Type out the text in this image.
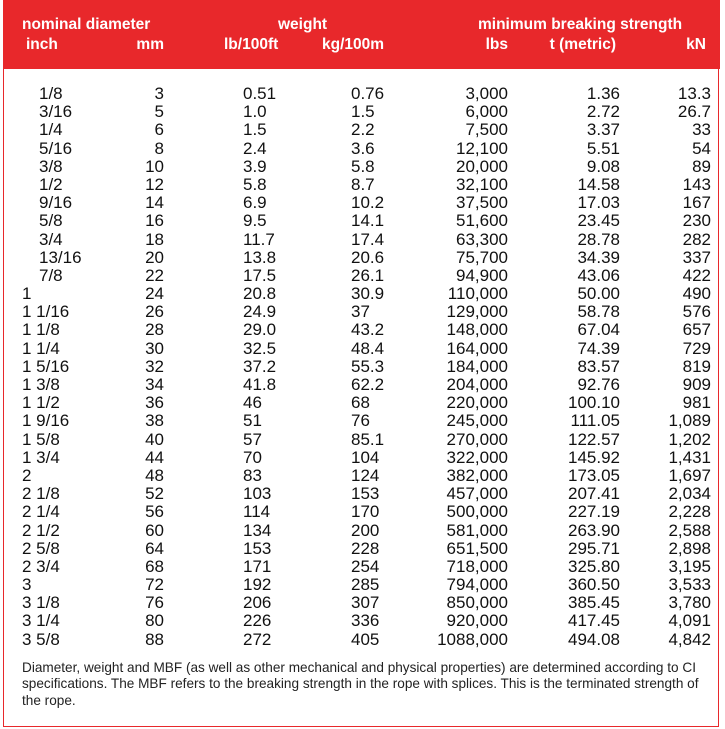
nominal diameter	weight	minimum breaking strength
inch	mm	lb/100ft	kg/100m	lbs	t (metric)	kN
1/8	3	0.51	0.76	3,000	1.36	13.3
3/16	5	1.0	1.5	6,000	2.72	26.7
1/4	6	1.5	2.2	7,500	3.37	33
5/16	8	2.4	3.6	12,100	5.51	54
3/8	10	3.9	5.8	20,000	9.08	89
1/2	12	5.8	8.7	32,100	14.58	143
9/16	14	6.9	10.2	37,500	17.03	167
5/8	16	9.5	14.1	51,600	23.45	230
3/4	18	11.7	17.4	63,300	28.78	282
13/16	20	13.8	20.6	75,700	34.39	337
7/8	22	17.5	26.1	94,900	43.06	422
1	24	20.8	30.9	110,000	50.00	490
1 1/16	26	24.9	37	129,000	58.78	576
1 1/8	28	29.0	43.2	148,000	67.04	657
1 1/4	30	32.5	48.4	164,000	74.39	729
1 5/16	32	37.2	55.3	184,000	83.57	819
1 3/8	34	41.8	62.2	204,000	92.76	909
1 1/2	36	46	68	220,000	100.10	981
1 9/16	38	51	76	245,000	111.05	1,089
1 5/8	40	57	85.1	270,000	122.57	1,202
1 3/4	44	70	104	322,000	145.92	1,431
2	48	83	124	382,000	173.05	1,697
2 1/8	52	103	153	457,000	207.41	2,034
2 1/4	56	114	170	500,000	227.19	2,228
2 1/2	60	134	200	581,000	263.90	2,588
2 5/8	64	153	228	651,500	295.71	2,898
2 3/4	68	171	254	718,000	325.80	3,195
3	72	192	285	794,000	360.50	3,533
3 1/8	76	206	307	850,000	385.45	3,780
3 1/4	80	226	336	920,000	417.45	4,091
3 5/8	88	272	405	1088,000	494.08	4,842
Diameter, weight and MBF (as well as other mechanical and physical properties) are determined according to CI specifications. The MBF refers to the breaking strength in the rope with splices. This is the terminated strength of the rope.
